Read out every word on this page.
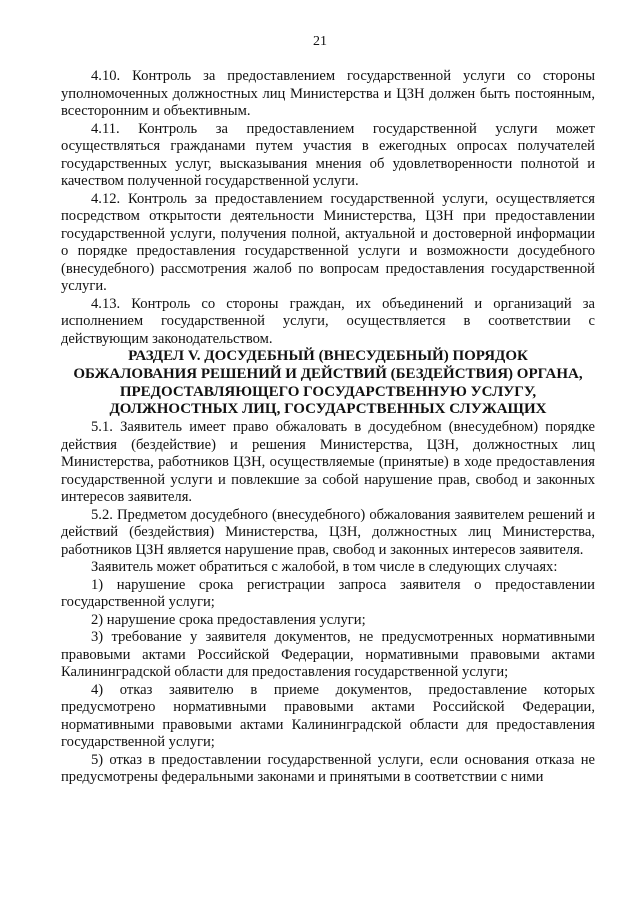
21

4.10. Контроль за предоставлением государственной услуги со стороны уполномоченных должностных лиц Министерства и ЦЗН должен быть постоянным, всесторонним и объективным.

4.11. Контроль за предоставлением государственной услуги может осуществляться гражданами путем участия в ежегодных опросах получателей государственных услуг, высказывания мнения об удовлетворенности полнотой и качеством полученной государственной услуги.

4.12. Контроль за предоставлением государственной услуги, осуществляется посредством открытости деятельности Министерства, ЦЗН при предоставлении государственной услуги, получения полной, актуальной и достоверной информации о порядке предоставления государственной услуги и возможности досудебного (внесудебного) рассмотрения жалоб по вопросам предоставления государственной услуги.

4.13. Контроль со стороны граждан, их объединений и организаций за исполнением государственной услуги, осуществляется в соответствии с действующим законодательством.

РАЗДЕЛ V. ДОСУДЕБНЫЙ (ВНЕСУДЕБНЫЙ) ПОРЯДОК
ОБЖАЛОВАНИЯ РЕШЕНИЙ И ДЕЙСТВИЙ (БЕЗДЕЙСТВИЯ) ОРГАНА,
ПРЕДОСТАВЛЯЮЩЕГО ГОСУДАРСТВЕННУЮ УСЛУГУ,
ДОЛЖНОСТНЫХ ЛИЦ, ГОСУДАРСТВЕННЫХ СЛУЖАЩИХ

5.1. Заявитель имеет право обжаловать в досудебном (внесудебном) порядке действия (бездействие) и решения Министерства, ЦЗН, должностных лиц Министерства, работников ЦЗН, осуществляемые (принятые) в ходе предоставления государственной услуги и повлекшие за собой нарушение прав, свобод и законных интересов заявителя.

5.2. Предметом досудебного (внесудебного) обжалования заявителем решений и действий (бездействия) Министерства, ЦЗН, должностных лиц Министерства, работников ЦЗН является нарушение прав, свобод и законных интересов заявителя.

Заявитель может обратиться с жалобой, в том числе в следующих случаях:

1) нарушение срока регистрации запроса заявителя о предоставлении государственной услуги;

2) нарушение срока предоставления услуги;

3) требование у заявителя документов, не предусмотренных нормативными правовыми актами Российской Федерации, нормативными правовыми актами Калининградской области для предоставления государственной услуги;

4) отказ заявителю в приеме документов, предоставление которых предусмотрено нормативными правовыми актами Российской Федерации, нормативными правовыми актами Калининградской области для предоставления государственной услуги;

5) отказ в предоставлении государственной услуги, если основания отказа не предусмотрены федеральными законами и принятыми в соответствии с ними
